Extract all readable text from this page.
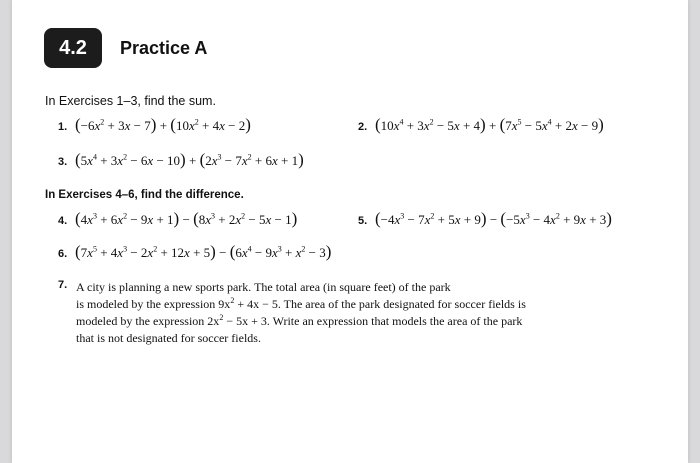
4.2	Practice A
In Exercises 1–3, find the sum.
1. $(-6x^2 + 3x - 7) + (10x^2 + 4x - 2)$	2. $(10x^4 + 3x^2 - 5x + 4) + (7x^5 - 5x^4 + 2x - 9)$
3. $(5x^4 + 3x^2 - 6x - 10) + (2x^3 - 7x^2 + 6x + 1)$
In Exercises 4–6, find the difference.
4. $(4x^3 + 6x^2 - 9x + 1) - (8x^3 + 2x^2 - 5x - 1)$	5. $(-4x^3 - 7x^2 + 5x + 9) - (-5x^3 - 4x^2 + 9x + 3)$
6. $(7x^5 + 4x^3 - 2x^2 + 12x + 5) - (6x^4 - 9x^3 + x^2 - 3)$
7. A city is planning a new sports park. The total area (in square feet) of the park
is modeled by the expression $9x^2 + 4x - 5$. The area of the park designated for soccer fields is
modeled by the expression $2x^2 - 5x + 3$. Write an expression that models the area of the park
that is not designated for soccer fields.
